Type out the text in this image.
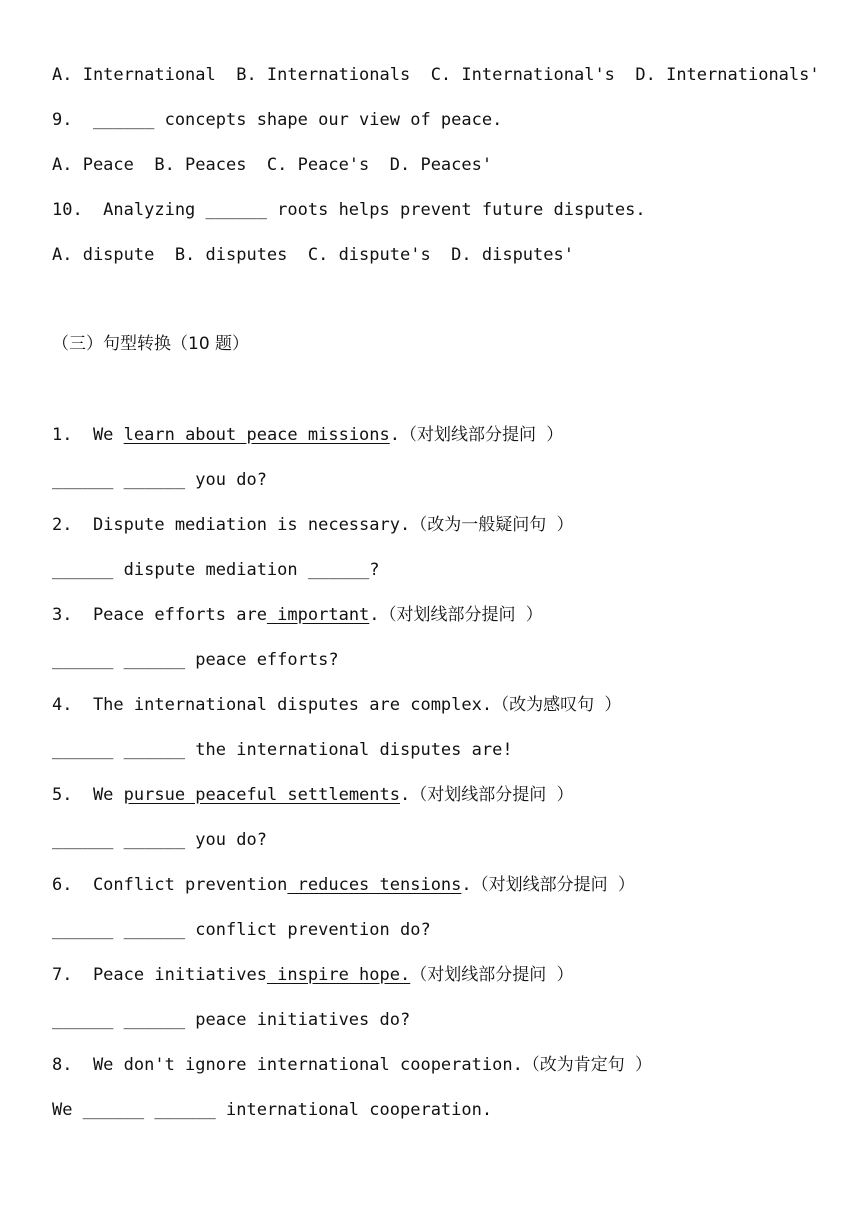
A. International  B. Internationals  C. International's  D. Internationals'
9.  ______ concepts shape our view of peace.
A. Peace  B. Peaces  C. Peace's  D. Peaces'
10.  Analyzing ______ roots helps prevent future disputes.
A. dispute  B. disputes  C. dispute's  D. disputes'
（三）句型转换（10 题）
1.  We learn about peace missions.（对划线部分提问 ）
______ ______ you do?
2.  Dispute mediation is necessary.（改为一般疑问句 ）
______ dispute mediation ______?
3.  Peace efforts are important.（对划线部分提问 ）
______ ______ peace efforts?
4.  The international disputes are complex.（改为感叹句 ）
______ ______ the international disputes are!
5.  We pursue peaceful settlements.（对划线部分提问 ）
______ ______ you do?
6.  Conflict prevention reduces tensions.（对划线部分提问 ）
______ ______ conflict prevention do?
7.  Peace initiatives inspire hope.（对划线部分提问 ）
______ ______ peace initiatives do?
8.  We don't ignore international cooperation.（改为肯定句 ）
We ______ ______ international cooperation.
